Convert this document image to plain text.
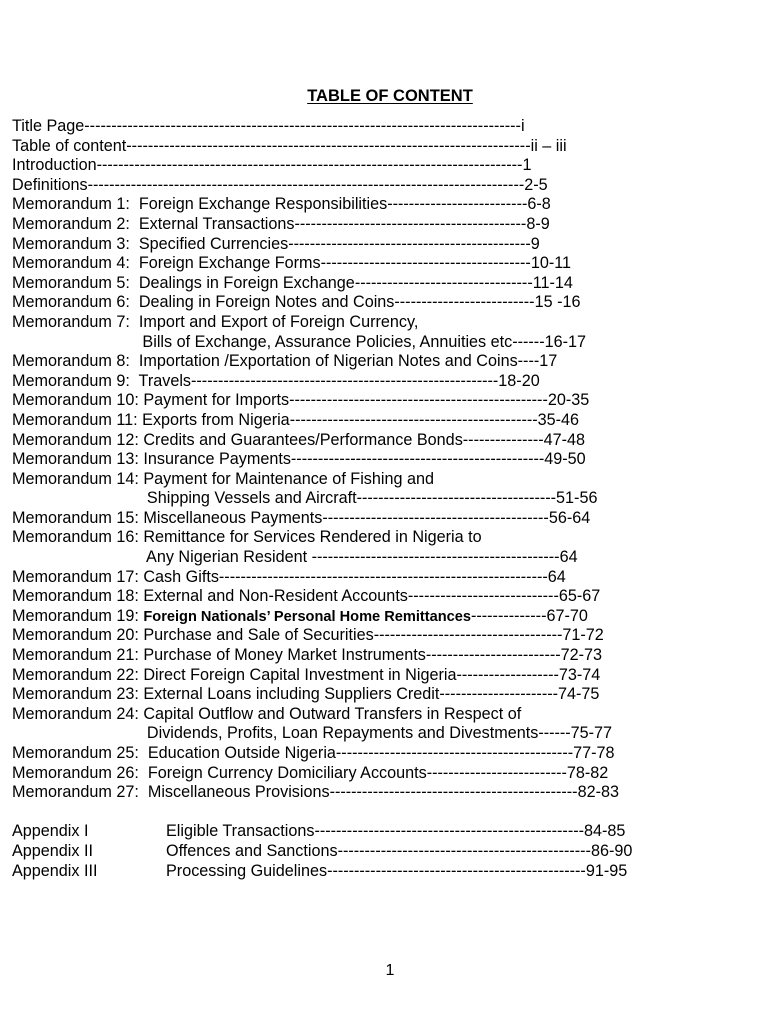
TABLE OF CONTENT
Title Page---------------------------------------------------------------------------------i
Table of content---------------------------------------------------------------------------ii – iii
Introduction-------------------------------------------------------------------------------1
Definitions---------------------------------------------------------------------------------2-5
Memorandum 1:  Foreign Exchange Responsibilities--------------------------6-8
Memorandum 2:  External Transactions-------------------------------------------8-9
Memorandum 3:  Specified Currencies---------------------------------------------9
Memorandum 4:  Foreign Exchange Forms---------------------------------------10-11
Memorandum 5:  Dealings in Foreign Exchange---------------------------------11-14
Memorandum 6:  Dealing in Foreign Notes and Coins--------------------------15 -16
Memorandum 7:  Import and Export of Foreign Currency,
Bills of Exchange, Assurance Policies, Annuities etc------16-17
Memorandum 8:  Importation /Exportation of Nigerian Notes and Coins----17
Memorandum 9:  Travels---------------------------------------------------------18-20
Memorandum 10: Payment for Imports------------------------------------------------20-35
Memorandum 11: Exports from Nigeria----------------------------------------------35-46
Memorandum 12: Credits and Guarantees/Performance Bonds---------------47-48
Memorandum 13: Insurance Payments-----------------------------------------------49-50
Memorandum 14: Payment for Maintenance of Fishing and
Shipping Vessels and Aircraft-------------------------------------51-56
Memorandum 15: Miscellaneous Payments------------------------------------------56-64
Memorandum 16: Remittance for Services Rendered in Nigeria to
Any Nigerian Resident ----------------------------------------------64
Memorandum 17: Cash Gifts-------------------------------------------------------------64
Memorandum 18: External and Non-Resident Accounts----------------------------65-67
Memorandum 19: Foreign Nationals’ Personal Home Remittances--------------67-70
Memorandum 20: Purchase and Sale of Securities-----------------------------------71-72
Memorandum 21: Purchase of Money Market Instruments-------------------------72-73
Memorandum 22: Direct Foreign Capital Investment in Nigeria-------------------73-74
Memorandum 23: External Loans including Suppliers Credit----------------------74-75
Memorandum 24: Capital Outflow and Outward Transfers in Respect of
Dividends, Profits, Loan Repayments and Divestments------75-77
Memorandum 25:  Education Outside Nigeria--------------------------------------------77-78
Memorandum 26:  Foreign Currency Domiciliary Accounts--------------------------78-82
Memorandum 27:  Miscellaneous Provisions----------------------------------------------82-83
Appendix I	Eligible Transactions--------------------------------------------------84-85
Appendix II	Offences and Sanctions-----------------------------------------------86-90
Appendix III	Processing Guidelines------------------------------------------------91-95
1
